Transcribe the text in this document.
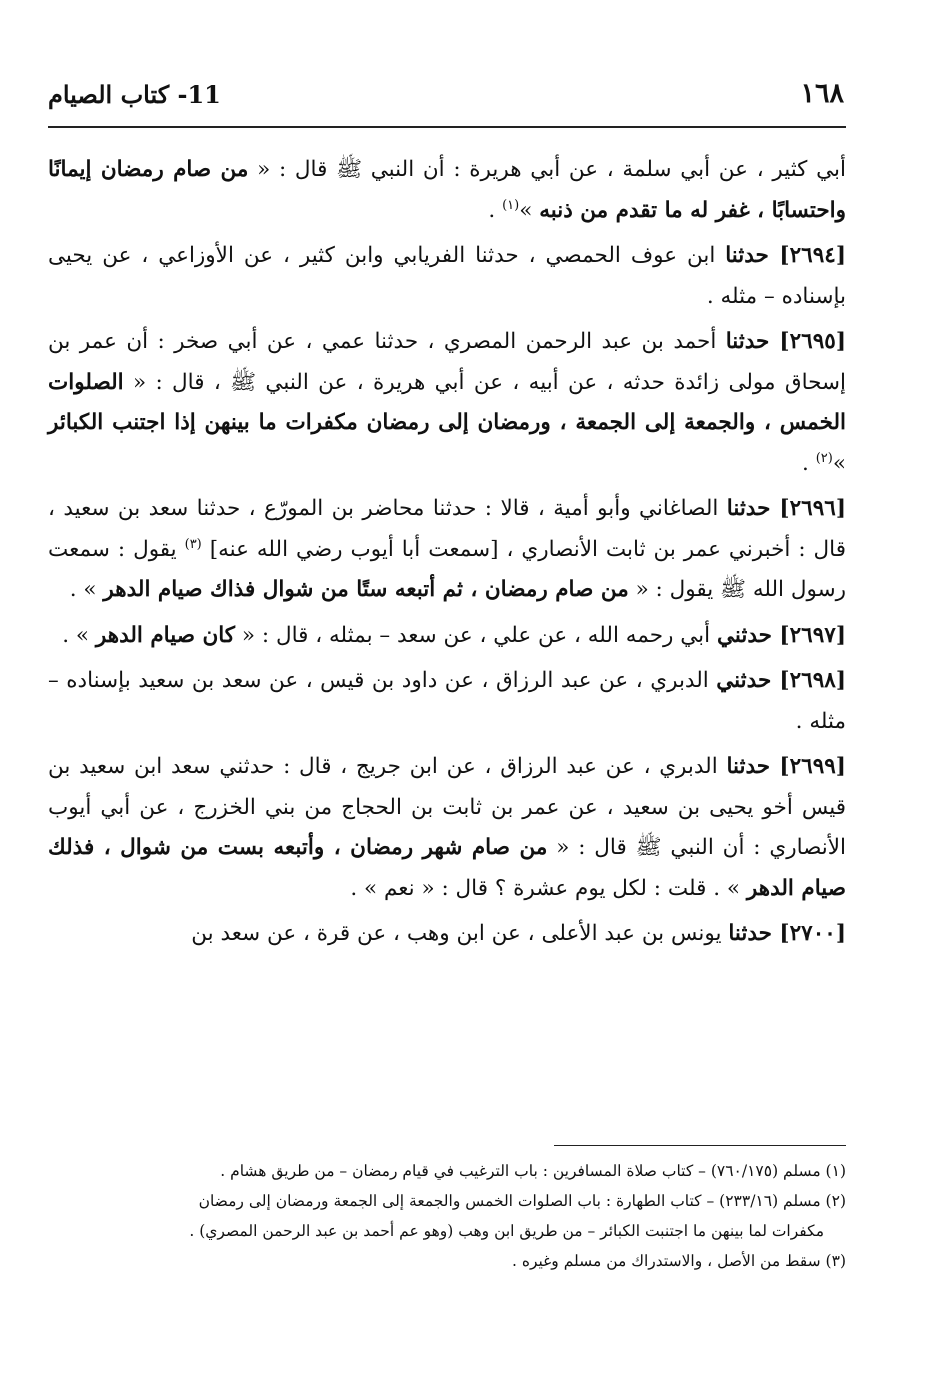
١٦٨
11- كتاب الصيام

أبي كثير ، عن أبي سلمة ، عن أبي هريرة : أن النبي ﷺ قال : « من صام رمضان إيمانًا واحتسابًا ، غفر له ما تقدم من ذنبه »$^{(١)}$ .

[٢٦٩٤] حدثنا ابن عوف الحمصي ، حدثنا الفريابي وابن كثير ، عن الأوزاعي ، عن يحيى بإسناده – مثله .

[٢٦٩٥] حدثنا أحمد بن عبد الرحمن المصري ، حدثنا عمي ، عن أبي صخر : أن عمر بن إسحاق مولى زائدة حدثه ، عن أبيه ، عن أبي هريرة ، عن النبي ﷺ ، قال : « الصلوات الخمس ، والجمعة إلى الجمعة ، ورمضان إلى رمضان مكفرات ما بينهن إذا اجتنب الكبائر »$^{(٢)}$ .

[٢٦٩٦] حدثنا الصاغاني وأبو أمية ، قالا : حدثنا محاضر بن المورّع ، حدثنا سعد بن سعيد ، قال : أخبرني عمر بن ثابت الأنصاري ، [سمعت أبا أيوب رضي الله عنه] $^{(٣)}$ يقول : سمعت رسول الله ﷺ يقول : « من صام رمضان ، ثم أتبعه ستًا من شوال فذاك صيام الدهر » .

[٢٦٩٧] حدثني أبي رحمه الله ، عن علي ، عن سعد – بمثله ، قال : « كان صيام الدهر » .

[٢٦٩٨] حدثني الدبري ، عن عبد الرزاق ، عن داود بن قيس ، عن سعد بن سعيد بإسناده – مثله .

[٢٦٩٩] حدثنا الدبري ، عن عبد الرزاق ، عن ابن جريج ، قال : حدثني سعد ابن سعيد بن قيس أخو يحيى بن سعيد ، عن عمر بن ثابت بن الحجاج من بني الخزرج ، عن أبي أيوب الأنصاري : أن النبي ﷺ قال : « من صام شهر رمضان ، وأتبعه بست من شوال ، فذلك صيام الدهر » . قلت : لكل يوم عشرة ؟ قال : « نعم » .

[٢٧٠٠] حدثنا يونس بن عبد الأعلى ، عن ابن وهب ، عن قرة ، عن سعد بن

(١) مسلم (٧٦٠/١٧٥) – كتاب صلاة المسافرين : باب الترغيب في قيام رمضان – من طريق هشام .

(٢) مسلم (٢٣٣/١٦) – كتاب الطهارة : باب الصلوات الخمس والجمعة إلى الجمعة ورمضان إلى رمضان

مكفرات لما بينهن ما اجتنبت الكبائر – من طريق ابن وهب (وهو عم أحمد بن عبد الرحمن المصري) .

(٣) سقط من الأصل ، والاستدراك من مسلم وغيره .
